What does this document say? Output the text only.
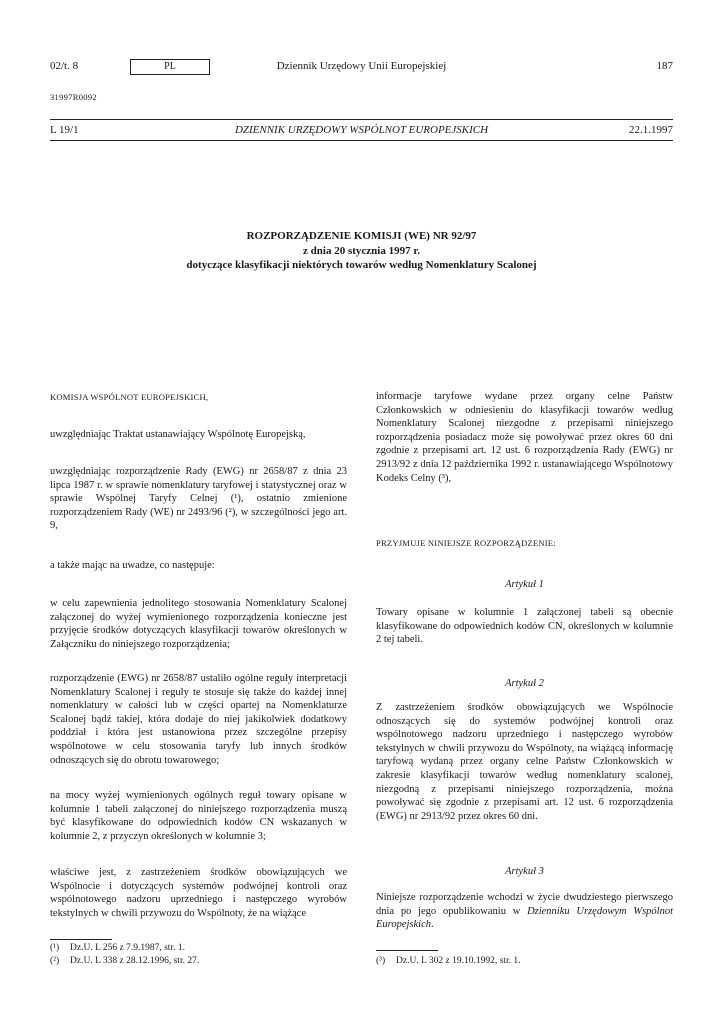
02/t. 8	PL	Dziennik Urzędowy Unii Europejskiej	187
31997R0092
L 19/1	DZIENNIK URZĘDOWY WSPÓLNOT EUROPEJSKICH	22.1.1997
ROZPORZĄDZENIE KOMISJI (WE) NR 92/97
z dnia 20 stycznia 1997 r.
dotyczące klasyfikacji niektórych towarów według Nomenklatury Scalonej

KOMISJA WSPÓLNOT EUROPEJSKICH,

uwzględniając Traktat ustanawiający Wspólnotę Europejską,

uwzględniając rozporządzenie Rady (EWG) nr 2658/87 z dnia 23 lipca 1987 r. w sprawie nomenklatury taryfowej i statystycznej oraz w sprawie Wspólnej Taryfy Celnej (¹), ostatnio zmienione rozporządzeniem Rady (WE) nr 2493/96 (²), w szczególności jego art. 9,

a także mając na uwadze, co następuje:

w celu zapewnienia jednolitego stosowania Nomenklatury Scalonej załączonej do wyżej wymienionego rozporządzenia konieczne jest przyjęcie środków dotyczących klasyfikacji towarów określonych w Załączniku do niniejszego rozporządzenia;

rozporządzenie (EWG) nr 2658/87 ustaliło ogólne reguły interpretacji Nomenklatury Scalonej i reguły te stosuje się także do każdej innej nomenklatury w całości lub w części opartej na Nomenklaturze Scalonej bądź takiej, która dodaje do niej jakikolwiek dodatkowy poddział i która jest ustanowiona przez szczególne przepisy wspólnotowe w celu stosowania taryfy lub innych środków odnoszących się do obrotu towarowego;

na mocy wyżej wymienionych ogólnych reguł towary opisane w kolumnie 1 tabeli załączonej do niniejszego rozporządzenia muszą być klasyfikowane do odpowiednich kodów CN wskazanych w kolumnie 2, z przyczyn określonych w kolumnie 3;

właściwe jest, z zastrzeżeniem środków obowiązujących we Wspólnocie i dotyczących systemów podwójnej kontroli oraz wspólnotowego nadzoru uprzedniego i następczego wyrobów tekstylnych w chwili przywozu do Wspólnoty, że na wiążące

informacje taryfowe wydane przez organy celne Państw Członkowskich w odniesieniu do klasyfikacji towarów według Nomenklatury Scalonej niezgodne z przepisami niniejszego rozporządzenia posiadacz może się powoływać przez okres 60 dni zgodnie z przepisami art. 12 ust. 6 rozporządzenia Rady (EWG) nr 2913/92 z dnia 12 października 1992 r. ustanawiającego Wspólnotowy Kodeks Celny (³),

PRZYJMUJE NINIEJSZE ROZPORZĄDZENIE:

Artykuł 1

Towary opisane w kolumnie 1 załączonej tabeli są obecnie klasyfikowane do odpowiednich kodów CN, określonych w kolumnie 2 tej tabeli.

Artykuł 2

Z zastrzeżeniem środków obowiązujących we Wspólnocie odnoszących się do systemów podwójnej kontroli oraz wspólnotowego nadzoru uprzedniego i następczego wyrobów tekstylnych w chwili przywozu do Wspólnoty, na wiążącą informację taryfową wydaną przez organy celne Państw Członkowskich w zakresie klasyfikacji towarów według nomenklatury scalonej, niezgodną z przepisami niniejszego rozporządzenia, można powoływać się zgodnie z przepisami art. 12 ust. 6 rozporządzenia (EWG) nr 2913/92 przez okres 60 dni.

Artykuł 3

Niniejsze rozporządzenie wchodzi w życie dwudziestego pierwszego dnia po jego opublikowaniu w Dzienniku Urzędowym Wspólnot Europejskich.

(¹) Dz.U. L 256 z 7.9.1987, str. 1.
(²) Dz.U. L 338 z 28.12.1996, str. 27.	(³) Dz.U. L 302 z 19.10.1992, str. 1.
